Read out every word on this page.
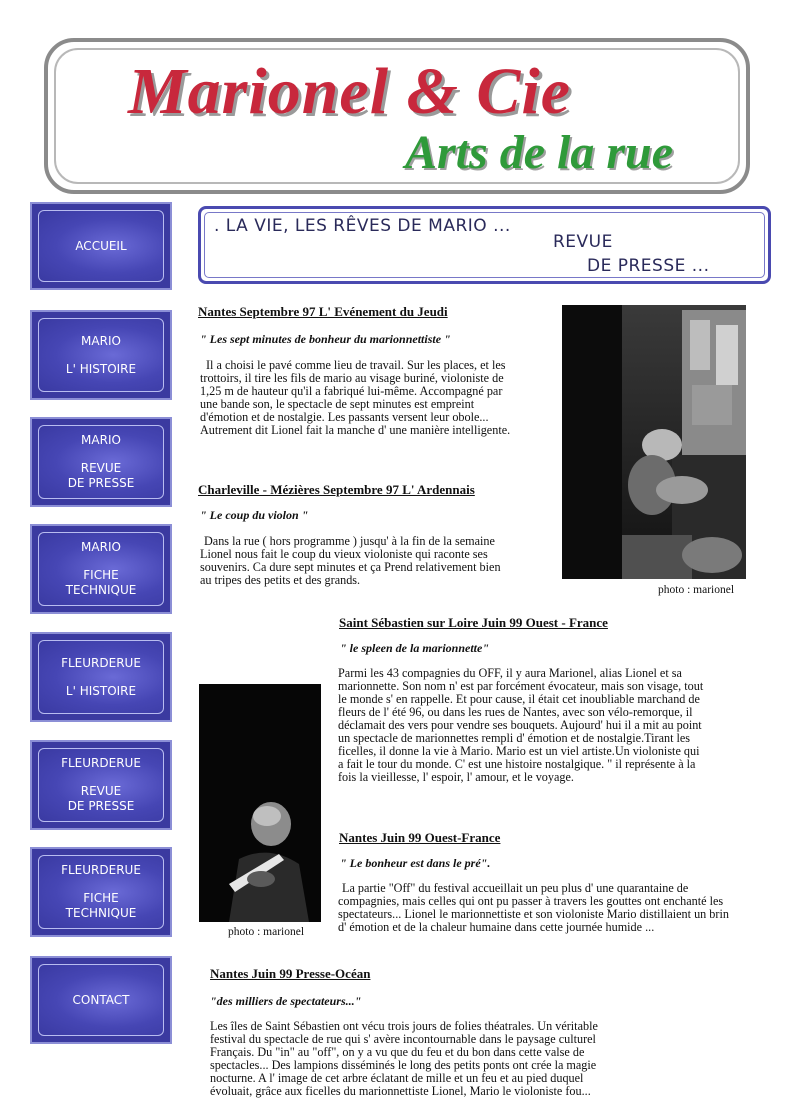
Marionel & Cie
Arts de la rue
ACCUEIL
MARIO
L' HISTOIRE
MARIO
REVUE
DE PRESSE
MARIO
FICHE
TECHNIQUE
FLEURDERUE
L' HISTOIRE
FLEURDERUE
REVUE
DE PRESSE
FLEURDERUE
FICHE
TECHNIQUE
CONTACT
. LA VIE, LES RÊVES DE MARIO ...
REVUE
DE PRESSE ...
Nantes Septembre 97 L' Evénement du Jeudi
" Les sept minutes de bonheur du marionnettiste "
Il a choisi le pavé comme lieu de travail. Sur les places, et les
trottoirs, il tire les fils de mario au visage buriné, violoniste de
1,25 m de hauteur qu'il a fabriqué lui-même. Accompagné par
une bande son, le spectacle de sept minutes est empreint
d'émotion et de nostalgie. Les passants versent leur obole...
Autrement dit Lionel fait la manche d' une manière intelligente.
photo : marionel
Charleville - Mézières Septembre 97 L' Ardennais
" Le coup du violon "
Dans la rue ( hors programme ) jusqu' à la fin de la semaine
Lionel nous fait le coup du vieux violoniste qui raconte ses
souvenirs. Ca dure sept minutes et ça Prend relativement bien
au tripes des petits et des grands.
Saint Sébastien sur Loire Juin 99 Ouest - France
" le spleen de la marionnette"
Parmi les 43 compagnies du OFF, il y aura Marionel, alias Lionel et sa
marionnette. Son nom n' est par forcément évocateur, mais son visage, tout
le monde s' en rappelle. Et pour cause, il était cet inoubliable marchand de
fleurs de l' été 96, ou dans les rues de Nantes, avec son vélo-remorque, il
déclamait des vers pour vendre ses bouquets. Aujourd' hui il a mit au point
un spectacle de marionnettes rempli d' émotion et de nostalgie.Tirant les
ficelles, il donne la vie à Mario. Mario est un viel artiste.Un violoniste qui
a fait le tour du monde. C' est une histoire nostalgique. " il représente à la
fois la vieillesse, l' espoir, l' amour, et le voyage.
photo : marionel
Nantes Juin 99 Ouest-France
" Le bonheur est dans le pré".
La partie "Off" du festival accueillait un peu plus d' une quarantaine de
compagnies, mais celles qui ont pu passer à travers les gouttes ont enchanté les
spectateurs... Lionel le marionnettiste et son violoniste Mario distillaient un brin
d' émotion et de la chaleur humaine dans cette journée humide ...
Nantes Juin 99 Presse-Océan
"des milliers de spectateurs..."
Les îles de Saint Sébastien ont vécu trois jours de folies théatrales. Un véritable
festival du spectacle de rue qui s' avère incontournable dans le paysage culturel
Français. Du "in" au "off", on y a vu que du feu et du bon dans cette valse de
spectacles... Des lampions disséminés le long des petits ponts ont crée la magie
nocturne. A l' image de cet arbre éclatant de mille et un feu et au pied duquel
évoluait, grâce aux ficelles du marionnettiste Lionel, Mario le violoniste fou...
